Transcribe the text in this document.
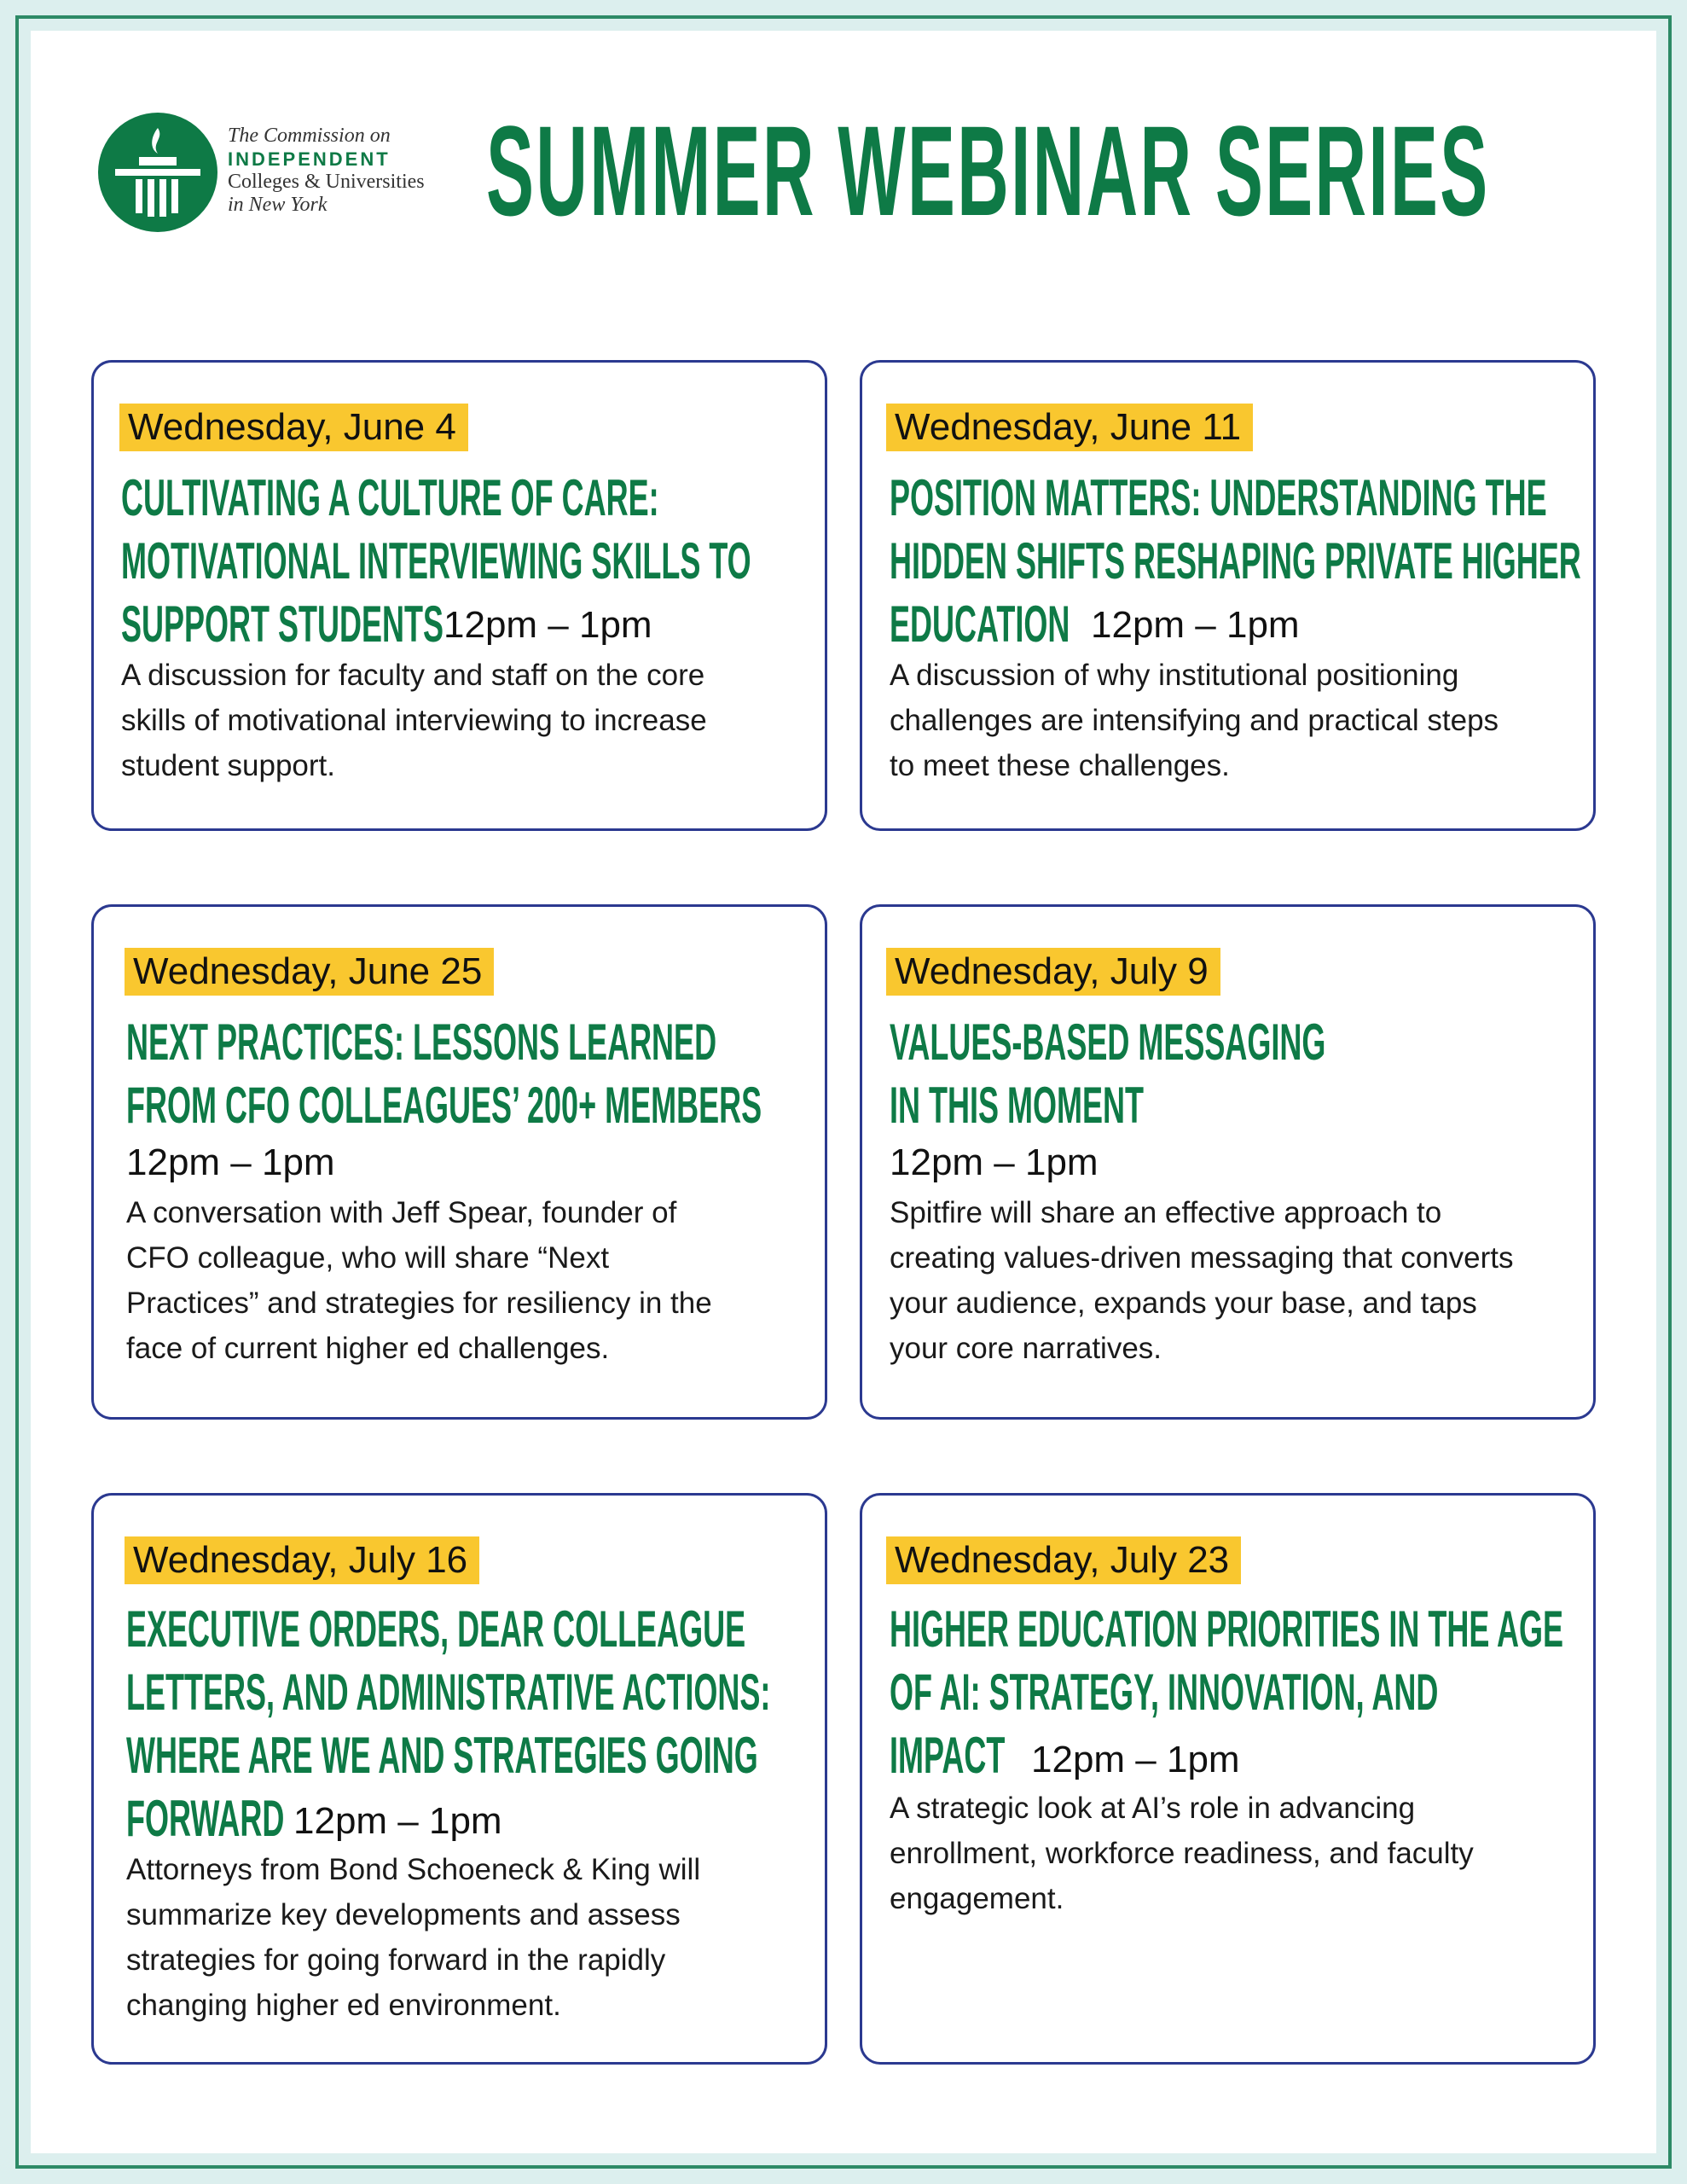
The Commission on
INDEPENDENT
Colleges & Universities
in New York	SUMMER WEBINAR SERIES
Wednesday, June 4
CULTIVATING A CULTURE OF CARE:
MOTIVATIONAL INTERVIEWING SKILLS TO
SUPPORT STUDENTS 12pm – 1pm
A discussion for faculty and staff on the core
skills of motivational interviewing to increase
student support.
Wednesday, June 11
POSITION MATTERS: UNDERSTANDING THE
HIDDEN SHIFTS RESHAPING PRIVATE HIGHER
EDUCATION 12pm – 1pm
A discussion of why institutional positioning
challenges are intensifying and practical steps
to meet these challenges.
Wednesday, June 25
NEXT PRACTICES: LESSONS LEARNED
FROM CFO COLLEAGUES’ 200+ MEMBERS
12pm – 1pm
A conversation with Jeff Spear, founder of
CFO colleague, who will share “Next
Practices” and strategies for resiliency in the
face of current higher ed challenges.
Wednesday, July 9
VALUES-BASED MESSAGING
IN THIS MOMENT
12pm – 1pm
Spitfire will share an effective approach to
creating values-driven messaging that converts
your audience, expands your base, and taps
your core narratives.
Wednesday, July 16
EXECUTIVE ORDERS, DEAR COLLEAGUE
LETTERS, AND ADMINISTRATIVE ACTIONS:
WHERE ARE WE AND STRATEGIES GOING
FORWARD 12pm – 1pm
Attorneys from Bond Schoeneck & King will
summarize key developments and assess
strategies for going forward in the rapidly
changing higher ed environment.
Wednesday, July 23
HIGHER EDUCATION PRIORITIES IN THE AGE
OF AI: STRATEGY, INNOVATION, AND
IMPACT 12pm – 1pm
A strategic look at AI’s role in advancing
enrollment, workforce readiness, and faculty
engagement.
